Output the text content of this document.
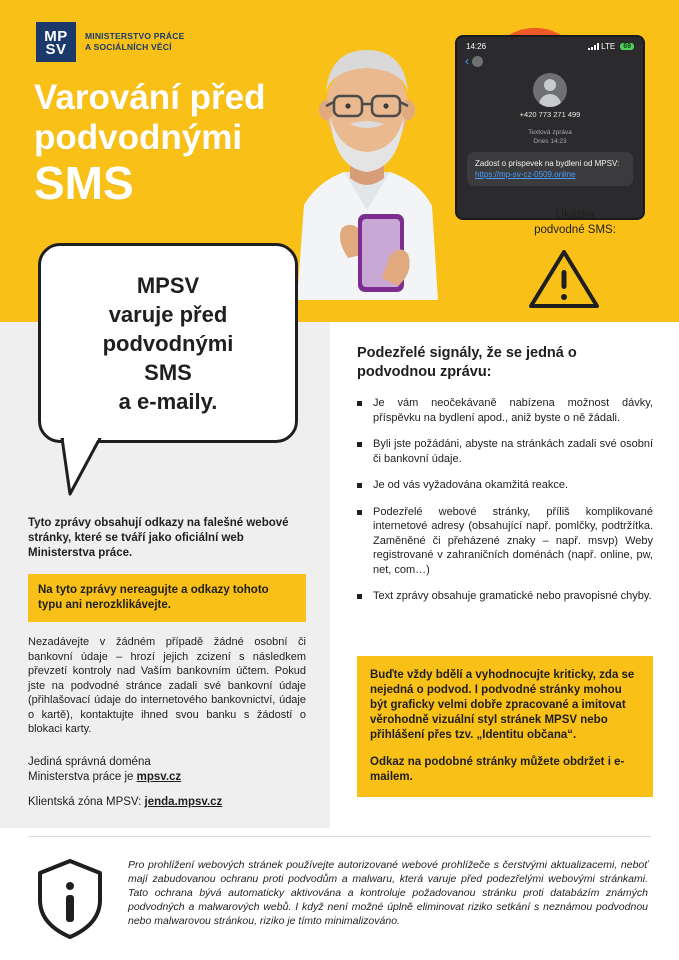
MP
SV
MINISTERSTVO PRÁCE
A SOCIÁLNÍCH VĚCÍ
Varování před
podvodnými
SMS
14:26	LTE	69
‹
+420 773 271 499
Textová zpráva
Dnes 14:23
Zadost o prispevek na bydleni od MPSV: https://mp-sv-cz-0509.online
Ukázka
podvodné SMS:
MPSV
varuje před
podvodnými
SMS
a e-maily.
Tyto zprávy obsahují odkazy na falešné webové stránky, které se tváří jako oficiální web Ministerstva práce.
Na tyto zprávy nereagujte a odkazy tohoto typu ani nerozklikávejte.
Nezadávejte v žádném případě žádné osobní či bankovní údaje – hrozí jejich zcizení s následkem převzetí kontroly nad Vaším bankovním účtem. Pokud jste na podvodné stránce zadali své bankovní údaje (přihlašovací údaje do internetového bankovnictví, údaje o kartě), kontaktujte ihned svou banku s žádostí o blokaci karty.
Jediná správná doména
Ministerstva práce je mpsv.cz
Klientská zóna MPSV: jenda.mpsv.cz
Podezřelé signály, že se jedná o podvodnou zprávu:
Je vám neočekávaně nabízena možnost dávky, příspěvku na bydlení apod., aniž byste o ně žádali.
Byli jste požádáni, abyste na stránkách zadali své osobní či bankovní údaje.
Je od vás vyžadována okamžitá reakce.
Podezřelé webové stránky, příliš komplikované internetové adresy (obsahující např. pomlčky, podtržítka. Zaměněné či přeházené znaky – např. msvp) Weby registrované v zahraničních doménách (např. online, pw, net, com…)
Text zprávy obsahuje gramatické nebo pravopisné chyby.
Buďte vždy bdělí a vyhodnocujte kriticky, zda se nejedná o podvod. I podvodné stránky mohou být graficky velmi dobře zpracované a imitovat věrohodně vizuální styl stránek MPSV nebo přihlášení přes tzv. „Identitu občana“.
Odkaz na podobné stránky můžete obdržet i e-mailem.
Pro prohlížení webových stránek používejte autorizované webové prohlížeče s čerstvými aktualizacemi, neboť mají zabudovanou ochranu proti podvodům a malwaru, která varuje před podezřelými webovými stránkami. Tato ochrana bývá automaticky aktivována a kontroluje požadovanou stránku proti databázím známých podvodných a malwarových webů. I když není možné úplně eliminovat riziko setkání s neznámou podvodnou nebo malwarovou stránkou, riziko je tímto minimalizováno.
